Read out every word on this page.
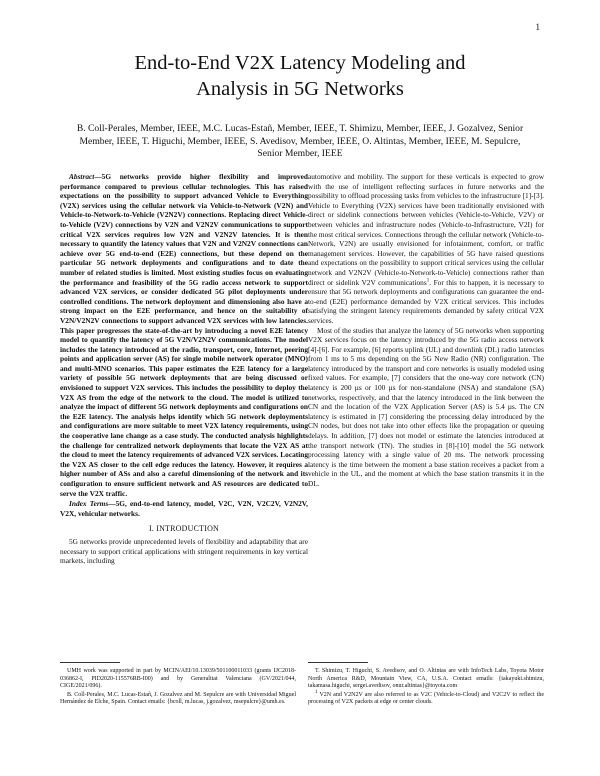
1
End-to-End V2X Latency Modeling and
Analysis in 5G Networks
B. Coll-Perales, Member, IEEE, M.C. Lucas-Estañ, Member, IEEE, T. Shimizu, Member, IEEE, J. Gozalvez, Senior Member, IEEE, T. Higuchi, Member, IEEE, S. Avedisov, Member, IEEE, O. Altintas, Member, IEEE, M. Sepulcre, Senior Member, IEEE

Abstract—5G networks provide higher flexibility and improved performance compared to previous cellular technologies. This has raised expectations on the possibility to support advanced Vehicle to Everything (V2X) services using the cellular network via Vehicle-to-Network (V2N) and Vehicle-to-Network-to-Vehicle (V2N2V) connections. Replacing direct Vehicle-to-Vehicle (V2V) connections by V2N and V2N2V communications to support critical V2X services requires low V2N and V2N2V latencies. It is then necessary to quantify the latency values that V2N and V2N2V connections can achieve over 5G end-to-end (E2E) connections, but these depend on the particular 5G network deployments and configurations and to date the number of related studies is limited. Most existing studies focus on evaluating the performance and feasibility of the 5G radio access network to support advanced V2X services, or consider dedicated 5G pilot deployments under controlled conditions. The network deployment and dimensioning also have a strong impact on the E2E performance, and hence on the suitability of V2N/V2N2V connections to support advanced V2X services with low latencies. This paper progresses the state-of-the-art by introducing a novel E2E latency model to quantify the latency of 5G V2N/V2N2V communications. The model includes the latency introduced at the radio, transport, core, Internet, peering points and application server (AS) for single mobile network operator (MNO) and multi-MNO scenarios. This paper estimates the E2E latency for a large variety of possible 5G network deployments that are being discussed or envisioned to support V2X services. This includes the possibility to deploy the V2X AS from the edge of the network to the cloud. The model is utilized to analyze the impact of different 5G network deployments and configurations on the E2E latency. The analysis helps identify which 5G network deployments and configurations are more suitable to meet V2X latency requirements, using the cooperative lane change as a case study. The conducted analysis highlights the challenge for centralized network deployments that locate the V2X AS at the cloud to meet the latency requirements of advanced V2X services. Locating the V2X AS closer to the cell edge reduces the latency. However, it requires a higher number of ASs and also a careful dimensioning of the network and its configuration to ensure sufficient network and AS resources are dedicated to serve the V2X traffic.

Index Terms—5G, end-to-end latency, model, V2C, V2N, V2C2V, V2N2V, V2X, vehicular networks.

I. INTRODUCTION

5G networks provide unprecedented levels of flexibility and adaptability that are necessary to support critical applications with stringent requirements in key vertical markets, including

automotive and mobility. The support for these verticals is expected to grow with the use of intelligent reflecting surfaces in future networks and the possibility to offload processing tasks from vehicles to the infrastructure [1]-[3]. Vehicle to Everything (V2X) services have been traditionally envisioned with direct or sidelink connections between vehicles (Vehicle-to-Vehicle, V2V) or between vehicles and infrastructure nodes (Vehicle-to-Infrastructure, V2I) for the most critical services. Connections through the cellular network (Vehicle-to-Network, V2N) are usually envisioned for infotainment, comfort, or traffic management services. However, the capabilities of 5G have raised questions and expectations on the possibility to support critical services using the cellular network and V2N2V (Vehicle-to-Network-to-Vehicle) connections rather than direct or sidelink V2V communications$^1$. For this to happen, it is necessary to ensure that 5G network deployments and configurations can guarantee the end-to-end (E2E) performance demanded by V2X critical services. This includes satisfying the stringent latency requirements demanded by safety critical V2X services.

Most of the studies that analyze the latency of 5G networks when supporting V2X services focus on the latency introduced by the 5G radio access network [4]-[6]. For example, [6] reports uplink (UL) and downlink (DL) radio latencies from 1 ms to 5 ms depending on the 5G New Radio (NR) configuration. The latency introduced by the transport and core networks is usually modeled using fixed values. For example, [7] considers that the one-way core network (CN) latency is 200 µs or 100 µs for non-standalone (NSA) and standalone (SA) networks, respectively, and that the latency introduced in the link between the CN and the location of the V2X Application Server (AS) is 5.4 µs. The CN latency is estimated in [7] considering the processing delay introduced by the CN nodes, but does not take into other effects like the propagation or queuing delays. In addition, [7] does not model or estimate the latencies introduced at the transport network (TN). The studies in [8]-[10] model the 5G network processing latency with a single value of 20 ms. The network processing latency is the time between the moment a base station receives a packet from a vehicle in the UL, and the moment at which the base station transmits it in the DL.

UMH work was supported in part by MCIN/AEI/10.13039/501100011033 (grants IJC2018-036862-I, PID2020-115576RB-I00) and by Generalitat Valenciana (GV/2021/044, CIGE/2021/096).

B. Coll-Perales, M.C. Lucas-Estañ, J. Gozalvez and M. Sepulcre are with Universidad Miguel Hernández de Elche, Spain. Contact emails: {bcoll, m.lucas, j.gozalvez, msepulcre}@umh.es.

T. Shimizu, T. Higuchi, S. Avedisov, and O. Altintas are with InfoTech Labs, Toyota Motor North America R&D, Mountain View, CA, U.S.A. Contact emails: {takayuki.shimizu, takamasa.higuchi, sergei.avedisov, onur.altintas}@toyota.com

$^1$ V2N and V2N2V are also referred to as V2C (Vehicle-to-Cloud) and V2C2V to reflect the processing of V2X packets at edge or center clouds.
